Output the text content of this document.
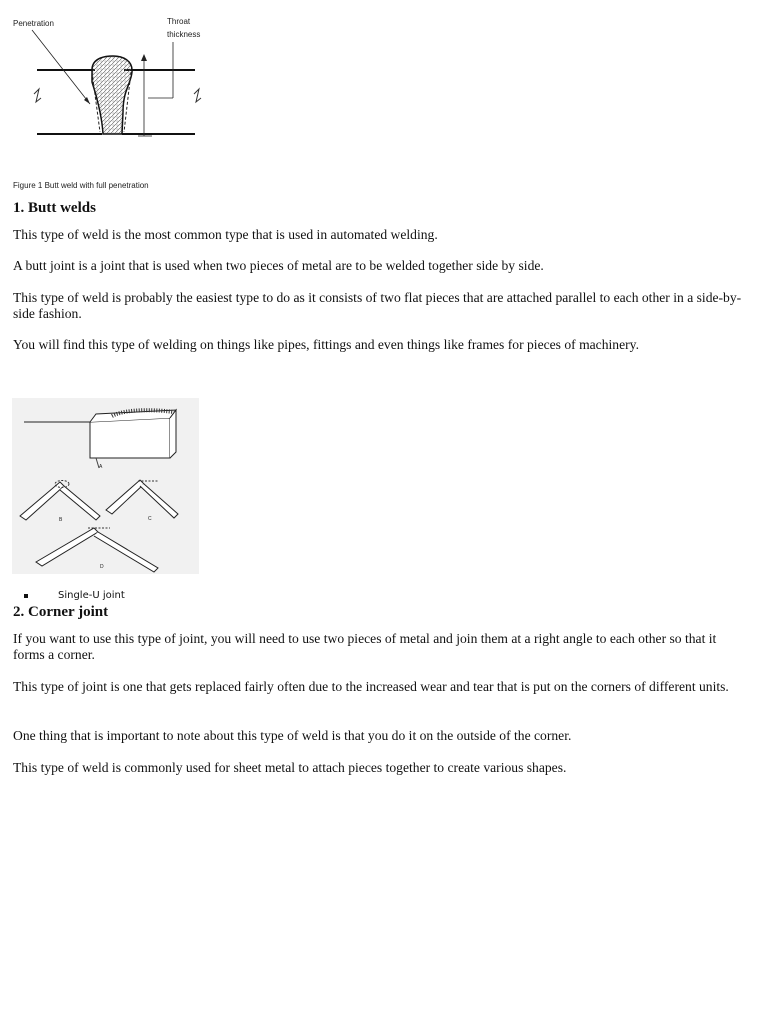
Penetration	Throat
thickness
Figure 1 Butt weld with full penetration
1. Butt welds

This type of weld is the most common type that is used in automated welding.

A butt joint is a joint that is used when two pieces of metal are to be welded together side by side.

This type of weld is probably the easiest type to do as it consists of two flat pieces that are attached parallel to each other in a side-by-side fashion.

You will find this type of welding on things like pipes, fittings and even things like frames for pieces of machinery.

A
B	C
D
Single-U joint
2. Corner joint

If you want to use this type of joint, you will need to use two pieces of metal and join them at a right angle to each other so that it forms a corner.

This type of joint is one that gets replaced fairly often due to the increased wear and tear that is put on the corners of different units.

One thing that is important to note about this type of weld is that you do it on the outside of the corner.

This type of weld is commonly used for sheet metal to attach pieces together to create various shapes.
